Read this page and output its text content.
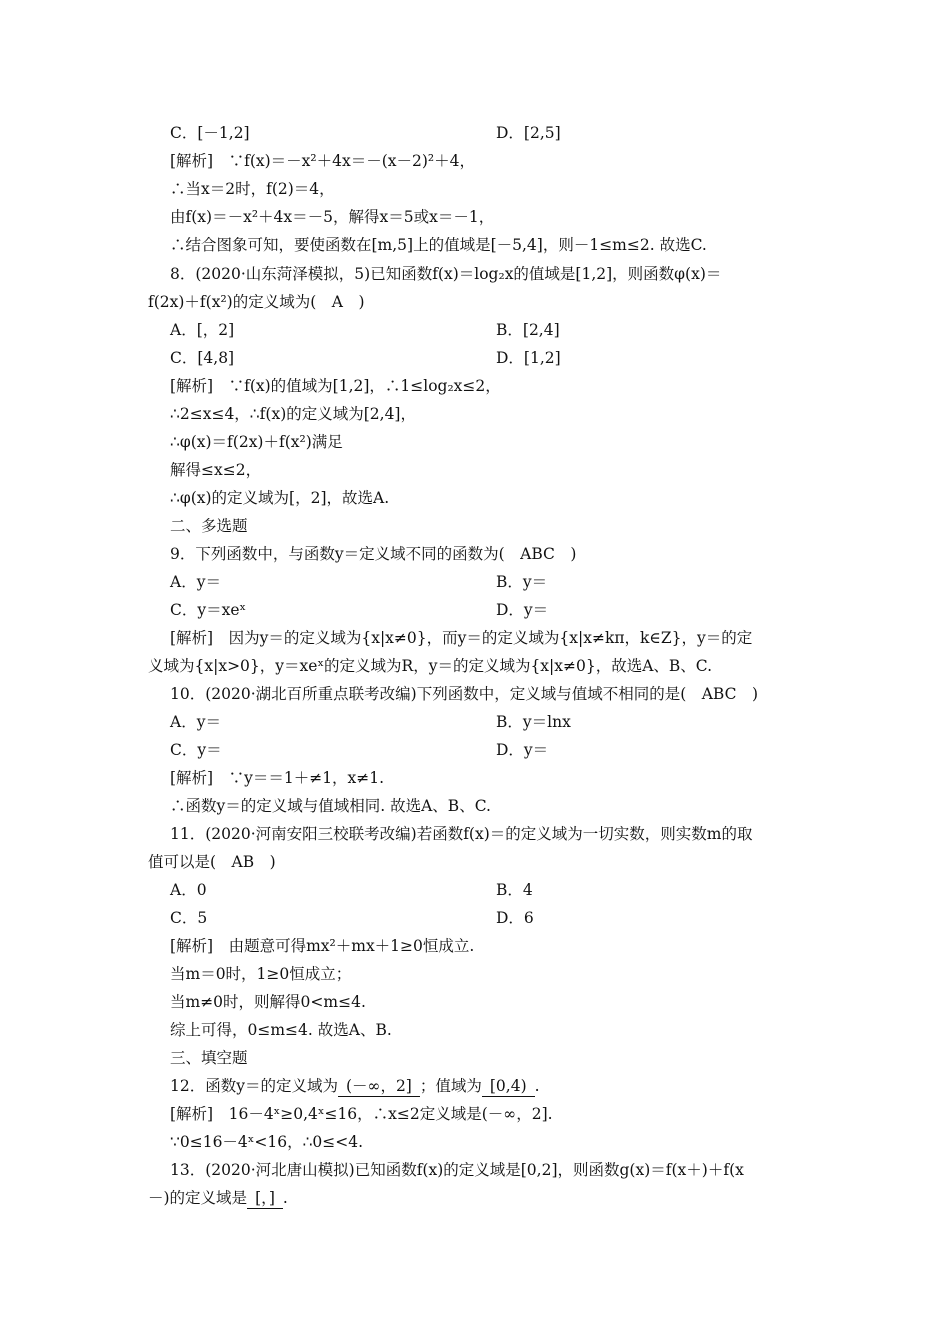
C．[－1,2]	D．[2,5]
[解析]　∵f(x)＝－x²＋4x＝－(x－2)²＋4，
∴当x＝2时，f(2)＝4，
由f(x)＝－x²＋4x＝－5，解得x＝5或x＝－1，
∴结合图象可知，要使函数在[m,5]上的值域是[－5,4]，则－1≤m≤2. 故选C.
8．(2020·山东菏泽模拟，5)已知函数f(x)＝log₂x的值域是[1,2]，则函数φ(x)＝
f(2x)＋f(x²)的定义域为(　A　)
A．[，2]	B．[2,4]
C．[4,8]	D．[1,2]
[解析]　∵f(x)的值域为[1,2]，∴1≤log₂x≤2，
∴2≤x≤4，∴f(x)的定义域为[2,4]，
∴φ(x)＝f(2x)＋f(x²)满足
解得≤x≤2，
∴φ(x)的定义域为[，2]，故选A.
二、多选题
9．下列函数中，与函数y＝定义域不同的函数为(　ABC　)
A．y＝	B．y＝
C．y＝xeˣ	D．y＝
[解析]　因为y＝的定义域为{x|x≠0}，而y＝的定义域为{x|x≠kπ，k∈Z}，y＝的定
义域为{x|x>0}，y＝xeˣ的定义域为R，y＝的定义域为{x|x≠0}，故选A、B、C.
10．(2020·湖北百所重点联考改编)下列函数中，定义域与值域不相同的是(　ABC　)
A．y＝	B．y＝lnx
C．y＝	D．y＝
[解析]　∵y＝＝1＋≠1，x≠1.
∴函数y＝的定义域与值域相同. 故选A、B、C.
11．(2020·河南安阳三校联考改编)若函数f(x)＝的定义域为一切实数，则实数m的取
值可以是(　AB　)
A．0	B．4
C．5	D．6
[解析]　由题意可得mx²＋mx＋1≥0恒成立.
当m＝0时，1≥0恒成立；
当m≠0时，则解得0<m≤4.
综上可得，0≤m≤4. 故选A、B.
三、填空题
12．函数y＝的定义域为 (－∞，2] ；值域为 [0,4) .
[解析]　16－4ˣ≥0,4ˣ≤16，∴x≤2定义域是(－∞，2].
∵0≤16－4ˣ<16，∴0≤<4.
13．(2020·河北唐山模拟)已知函数f(x)的定义域是[0,2]，则函数g(x)＝f(x＋)＋f(x
－)的定义域是 [，] .
